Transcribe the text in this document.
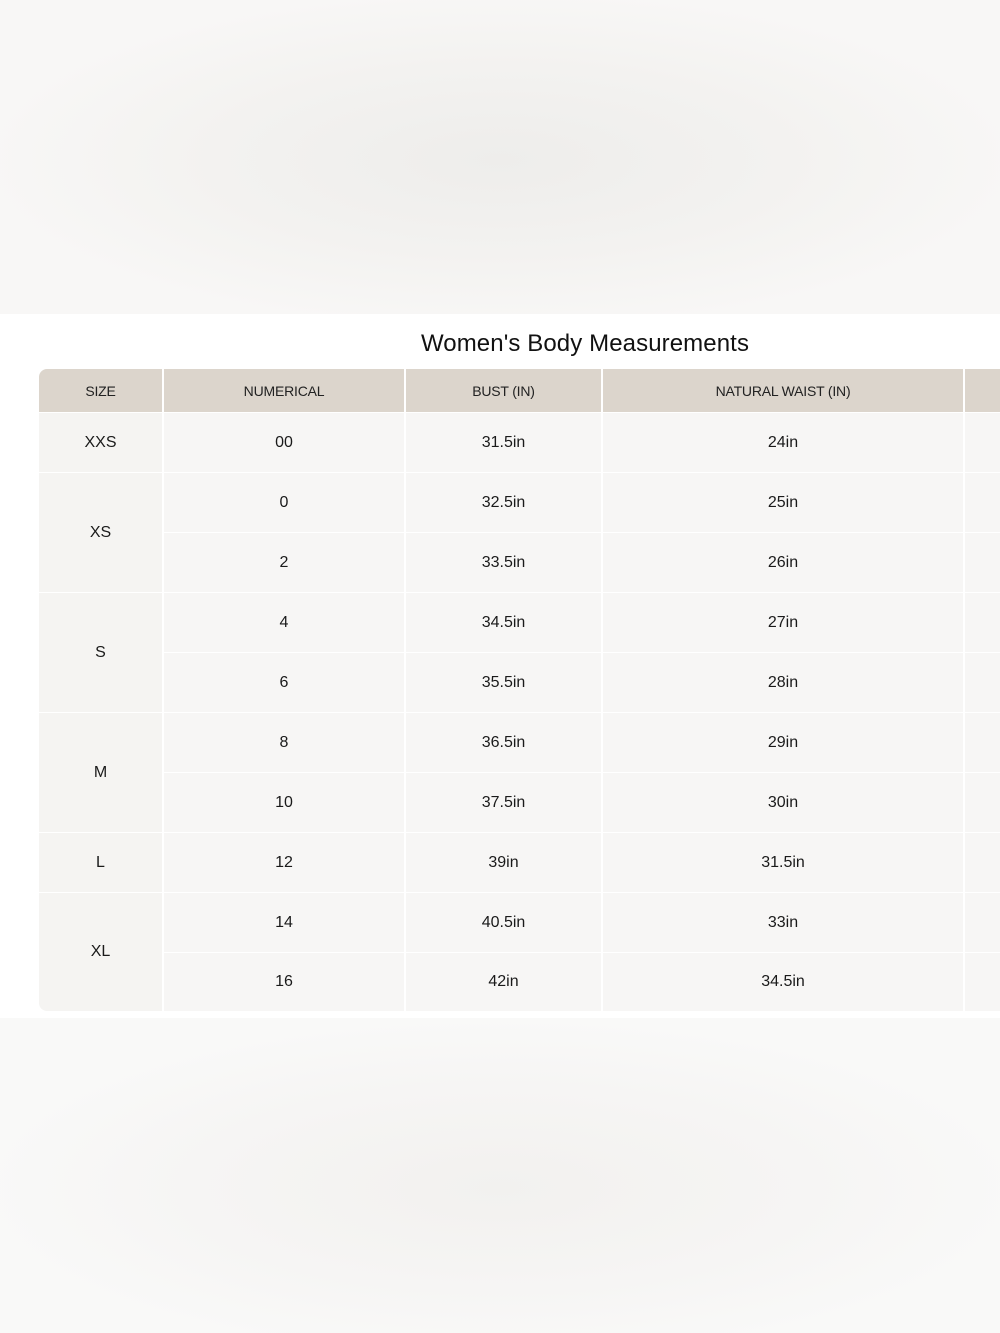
Women's Body Measurements
SIZE	NUMERICAL	BUST (IN)	NATURAL WAIST (IN)	
XXS	00	31.5in	24in	
XS	0	32.5in	25in	
	2	33.5in	26in	
S	4	34.5in	27in	
	6	35.5in	28in	
M	8	36.5in	29in	
	10	37.5in	30in	
L	12	39in	31.5in	
XL	14	40.5in	33in	
	16	42in	34.5in	
